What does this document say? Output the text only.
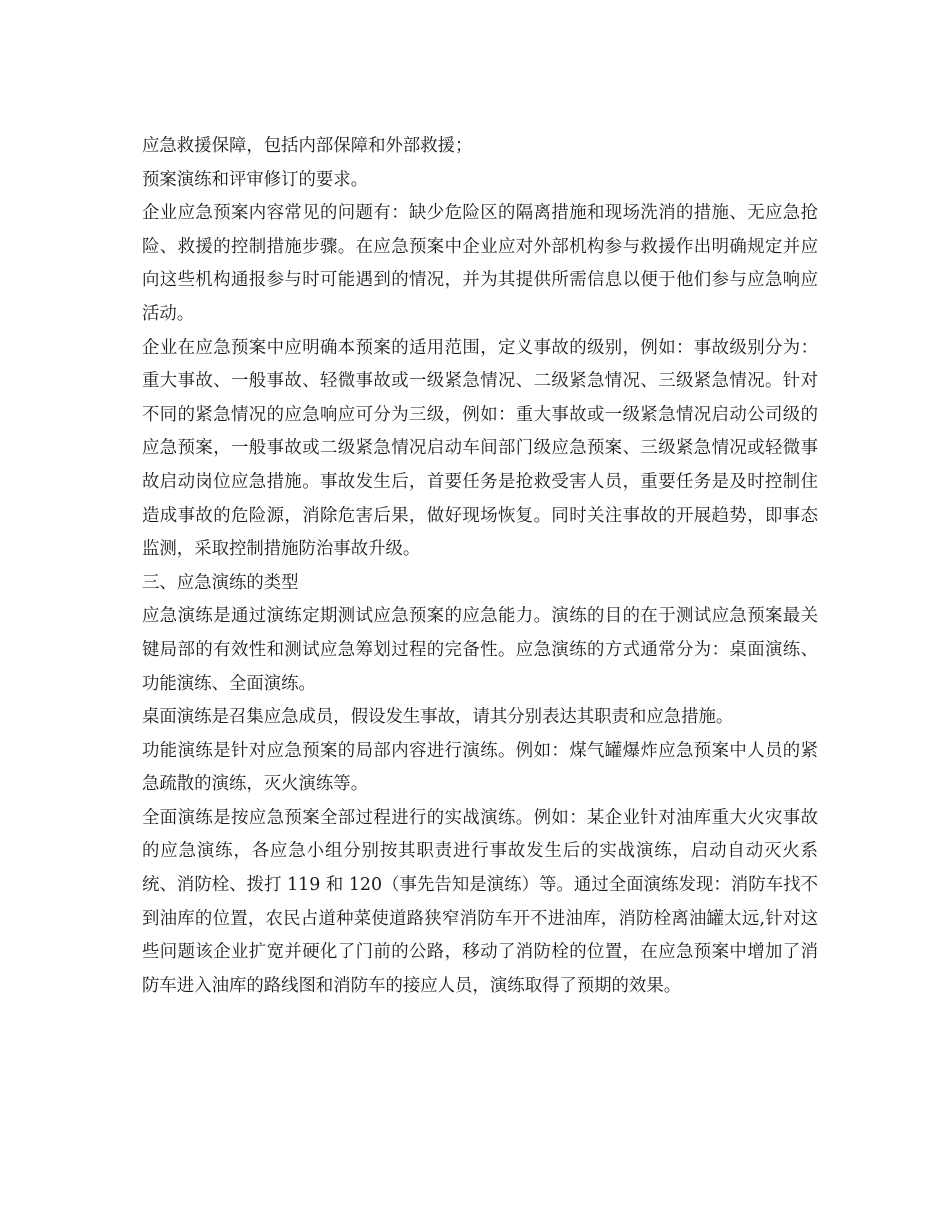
应急救援保障，包括内部保障和外部救援；

预案演练和评审修订的要求。

企业应急预案内容常见的问题有：缺少危险区的隔离措施和现场洗消的措施、无应急抢险、救援的控制措施步骤。在应急预案中企业应对外部机构参与救援作出明确规定并应向这些机构通报参与时可能遇到的情况，并为其提供所需信息以便于他们参与应急响应活动。

企业在应急预案中应明确本预案的适用范围，定义事故的级别，例如：事故级别分为：重大事故、一般事故、轻微事故或一级紧急情况、二级紧急情况、三级紧急情况。针对不同的紧急情况的应急响应可分为三级，例如：重大事故或一级紧急情况启动公司级的应急预案，一般事故或二级紧急情况启动车间部门级应急预案、三级紧急情况或轻微事故启动岗位应急措施。事故发生后，首要任务是抢救受害人员，重要任务是及时控制住造成事故的危险源，消除危害后果，做好现场恢复。同时关注事故的开展趋势，即事态监测，采取控制措施防治事故升级。

三、应急演练的类型

应急演练是通过演练定期测试应急预案的应急能力。演练的目的在于测试应急预案最关键局部的有效性和测试应急筹划过程的完备性。应急演练的方式通常分为：桌面演练、功能演练、全面演练。

桌面演练是召集应急成员，假设发生事故，请其分别表达其职责和应急措施。

功能演练是针对应急预案的局部内容进行演练。例如：煤气罐爆炸应急预案中人员的紧急疏散的演练，灭火演练等。

全面演练是按应急预案全部过程进行的实战演练。例如：某企业针对油库重大火灾事故的应急演练，各应急小组分别按其职责进行事故发生后的实战演练，启动自动灭火系统、消防栓、拨打 119 和 120（事先告知是演练）等。通过全面演练发现：消防车找不到油库的位置，农民占道种菜使道路狭窄消防车开不进油库，消防栓离油罐太远,针对这些问题该企业扩宽并硬化了门前的公路，移动了消防栓的位置，在应急预案中增加了消防车进入油库的路线图和消防车的接应人员，演练取得了预期的效果。
